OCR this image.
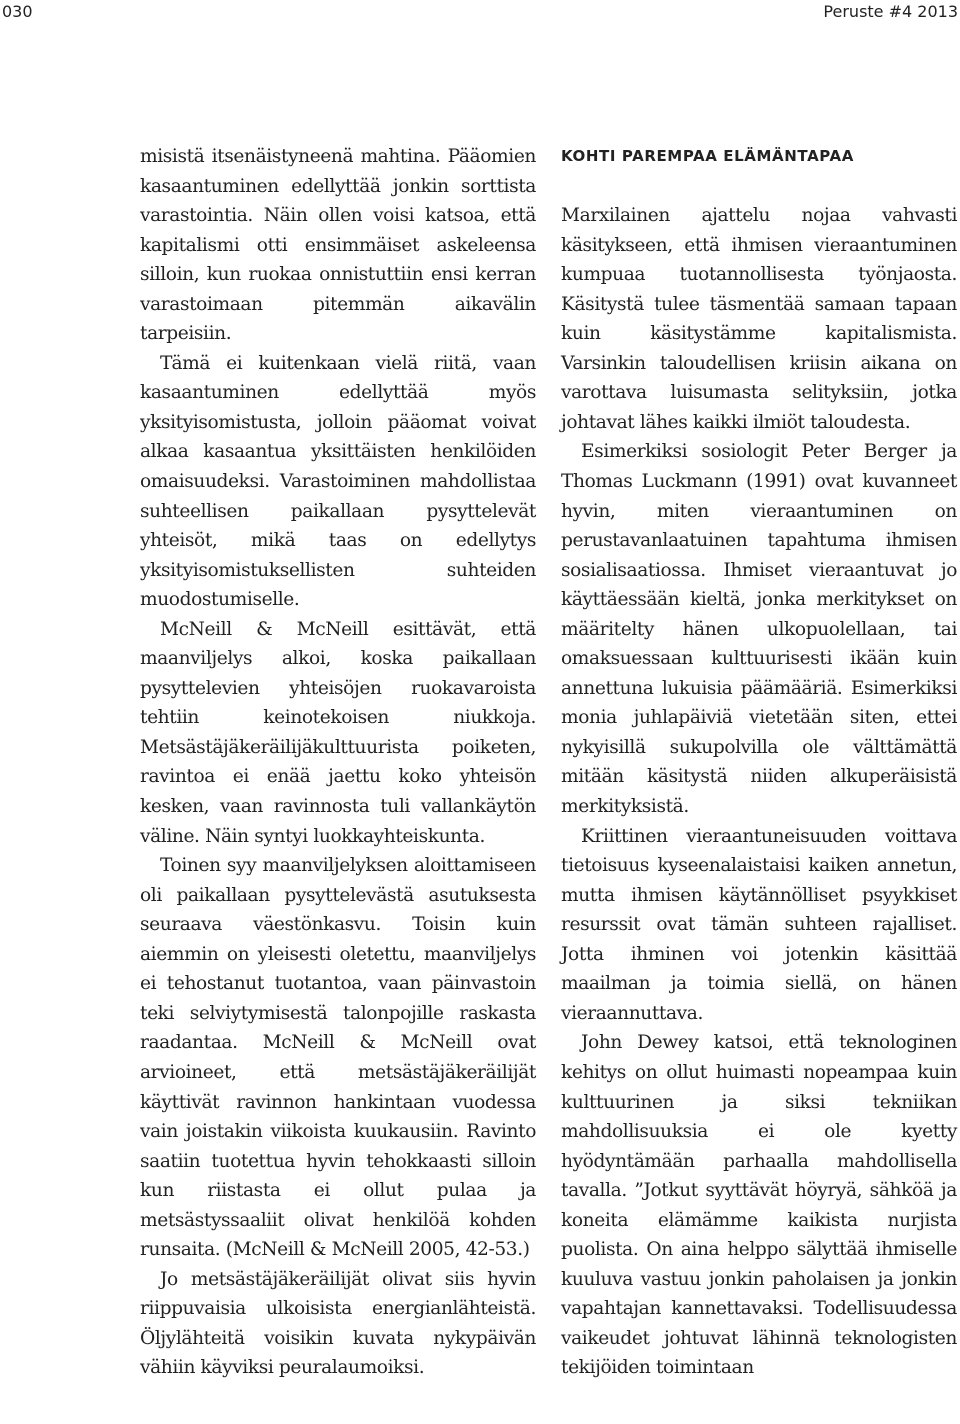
030	Peruste #4 2013

misistä itsenäistyneenä mahtina. Pääomien kasaantuminen edellyttää jonkin sorttista varastointia. Näin ollen voisi katsoa, että kapitalismi otti ensimmäiset askeleensa silloin, kun ruokaa onnistuttiin ensi kerran varastoimaan pitemmän aikavälin tarpeisiin.

Tämä ei kuitenkaan vielä riitä, vaan kasaantuminen edellyttää myös yksityisomistusta, jolloin pääomat voivat alkaa kasaantua yksittäisten henkilöiden omaisuudeksi. Varastoiminen mahdollistaa suhteellisen paikallaan pysyttelevät yhteisöt, mikä taas on edellytys yksityisomistuksellisten suhteiden muodostumiselle.

McNeill & McNeill esittävät, että maanviljelys alkoi, koska paikallaan pysyttelevien yhteisöjen ruokavaroista tehtiin keinotekoisen niukkoja. Metsästäjäkeräilijäkulttuurista poiketen, ravintoa ei enää jaettu koko yhteisön kesken, vaan ravinnosta tuli vallankäytön väline. Näin syntyi luokkayhteiskunta.

Toinen syy maanviljelyksen aloittamiseen oli paikallaan pysyttelevästä asutuksesta seuraava väestönkasvu. Toisin kuin aiemmin on yleisesti oletettu, maanviljelys ei tehostanut tuotantoa, vaan päinvastoin teki selviytymisestä talonpojille raskasta raadantaa. McNeill & McNeill ovat arvioineet, että metsästäjäkeräilijät käyttivät ravinnon hankintaan vuodessa vain joistakin viikoista kuukausiin. Ravinto saatiin tuotettua hyvin tehokkaasti silloin kun riistasta ei ollut pulaa ja metsästyssaaliit olivat henkilöä kohden runsaita. (McNeill & McNeill 2005, 42-53.)

Jo metsästäjäkeräilijät olivat siis hyvin riippuvaisia ulkoisista energianlähteistä. Öljylähteitä voisikin kuvata nykypäivän vähiin käyviksi peuralaumoiksi.

KOHTI PAREMPAA ELÄMÄNTAPAA

Marxilainen ajattelu nojaa vahvasti käsitykseen, että ihmisen vieraantuminen kumpuaa tuotannollisesta työnjaosta. Käsitystä tulee täsmentää samaan tapaan kuin käsitystämme kapitalismista. Varsinkin taloudellisen kriisin aikana on varottava luisumasta selityksiin, jotka johtavat lähes kaikki ilmiöt taloudesta.

Esimerkiksi sosiologit Peter Berger ja Thomas Luckmann (1991) ovat kuvanneet hyvin, miten vieraantuminen on perustavanlaatuinen tapahtuma ihmisen sosialisaatiossa. Ihmiset vieraantuvat jo käyttäessään kieltä, jonka merkitykset on määritelty hänen ulkopuolellaan, tai omaksuessaan kulttuurisesti ikään kuin annettuna lukuisia päämääriä. Esimerkiksi monia juhlapäiviä vietetään siten, ettei nykyisillä sukupolvilla ole välttämättä mitään käsitystä niiden alkuperäisistä merkityksistä.

Kriittinen vieraantuneisuuden voittava tietoisuus kyseenalaistaisi kaiken annetun, mutta ihmisen käytännölliset psyykkiset resurssit ovat tämän suhteen rajalliset. Jotta ihminen voi jotenkin käsittää maailman ja toimia siellä, on hänen vieraannuttava.

John Dewey katsoi, että teknologinen kehitys on ollut huimasti nopeampaa kuin kulttuurinen ja siksi tekniikan mahdollisuuksia ei ole kyetty hyödyntämään parhaalla mahdollisella tavalla. ”Jotkut syyttävät höyryä, sähköä ja koneita elämämme kaikista nurjista puolista. On aina helppo sälyttää ihmiselle kuuluva vastuu jonkin paholaisen ja jonkin vapahtajan kannettavaksi. Todellisuudessa vaikeudet johtuvat lähinnä teknologisten tekijöiden toimintaan
